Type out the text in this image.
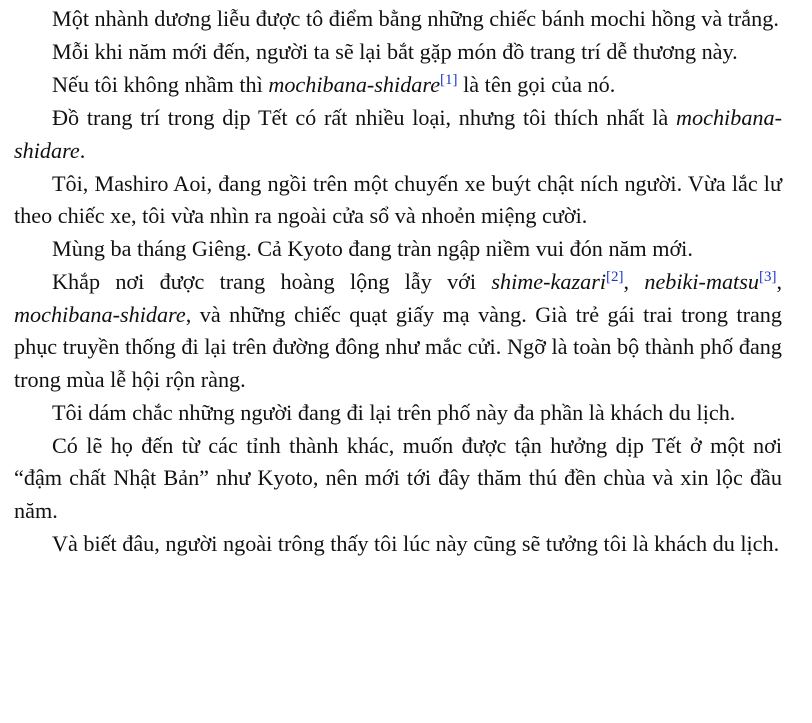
Một nhành dương liễu được tô điểm bằng những chiếc bánh mochi hồng và trắng.

Mỗi khi năm mới đến, người ta sẽ lại bắt gặp món đồ trang trí dễ thương này.

Nếu tôi không nhầm thì mochibana-shidare[1] là tên gọi của nó.

Đồ trang trí trong dịp Tết có rất nhiều loại, nhưng tôi thích nhất là mochibana-shidare.

Tôi, Mashiro Aoi, đang ngồi trên một chuyến xe buýt chật ních người. Vừa lắc lư theo chiếc xe, tôi vừa nhìn ra ngoài cửa sổ và nhoẻn miệng cười.

Mùng ba tháng Giêng. Cả Kyoto đang tràn ngập niềm vui đón năm mới.

Khắp nơi được trang hoàng lộng lẫy với shime-kazari[2], nebiki-matsu[3], mochibana-shidare, và những chiếc quạt giấy mạ vàng. Già trẻ gái trai trong trang phục truyền thống đi lại trên đường đông như mắc cửi. Ngỡ là toàn bộ thành phố đang trong mùa lễ hội rộn ràng.

Tôi dám chắc những người đang đi lại trên phố này đa phần là khách du lịch.

Có lẽ họ đến từ các tỉnh thành khác, muốn được tận hưởng dịp Tết ở một nơi “đậm chất Nhật Bản” như Kyoto, nên mới tới đây thăm thú đền chùa và xin lộc đầu năm.

Và biết đâu, người ngoài trông thấy tôi lúc này cũng sẽ tưởng tôi là khách du lịch.
